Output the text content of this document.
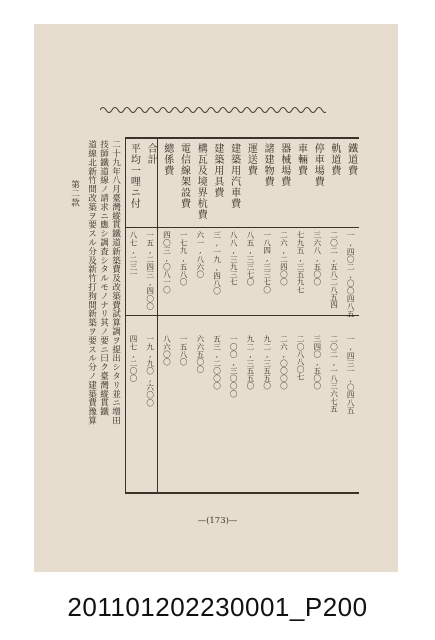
鐵道費
一,四〇二,〇〇四八五
一,四三一,〇四八五
軌道費
二〇二,五八二八五四
二〇二,一八三六七五
停車場費
三六八,五〇〇
三四〇,五〇〇
車輛費
七九五,三五九七
二〇八八〇七
器械場費
二六,二四〇〇
二六,〇〇〇〇
諸建物費
一八四,三三七〇
九二,三五五〇
運送費
八五,三三七〇
九二,三五五〇
建築用汽車費
八八,三九三七
一〇〇,三〇〇〇
建築用具費
三,一九,四八〇
五三,二〇〇〇
構瓦及境界杭費
六一,八六〇
六六五〇〇
電信線架設費
一七九,五八〇
一五八〇
總係費
四〇三,〇八一〇
八六〇〇
合計
一五,二四三,四〇〇
一九,九〇,六〇〇
平均一哩ニ付
八七,二三一
四七,二〇〇
二十九年八月臺灣縱貫鐵道新築費及改築費試算調ヲ提出シタリ並ニ增田
技師鐵道線ノ請求ニ應シ調査シタルモノナリ其ノ要ニ曰ク臺灣縱貫鐵
道線北新竹間改築ヲ要スル分及新竹打狗間新築ヲ要スル分ノ建築費豫算
第二款
—(173)—
201101202230001_P200
